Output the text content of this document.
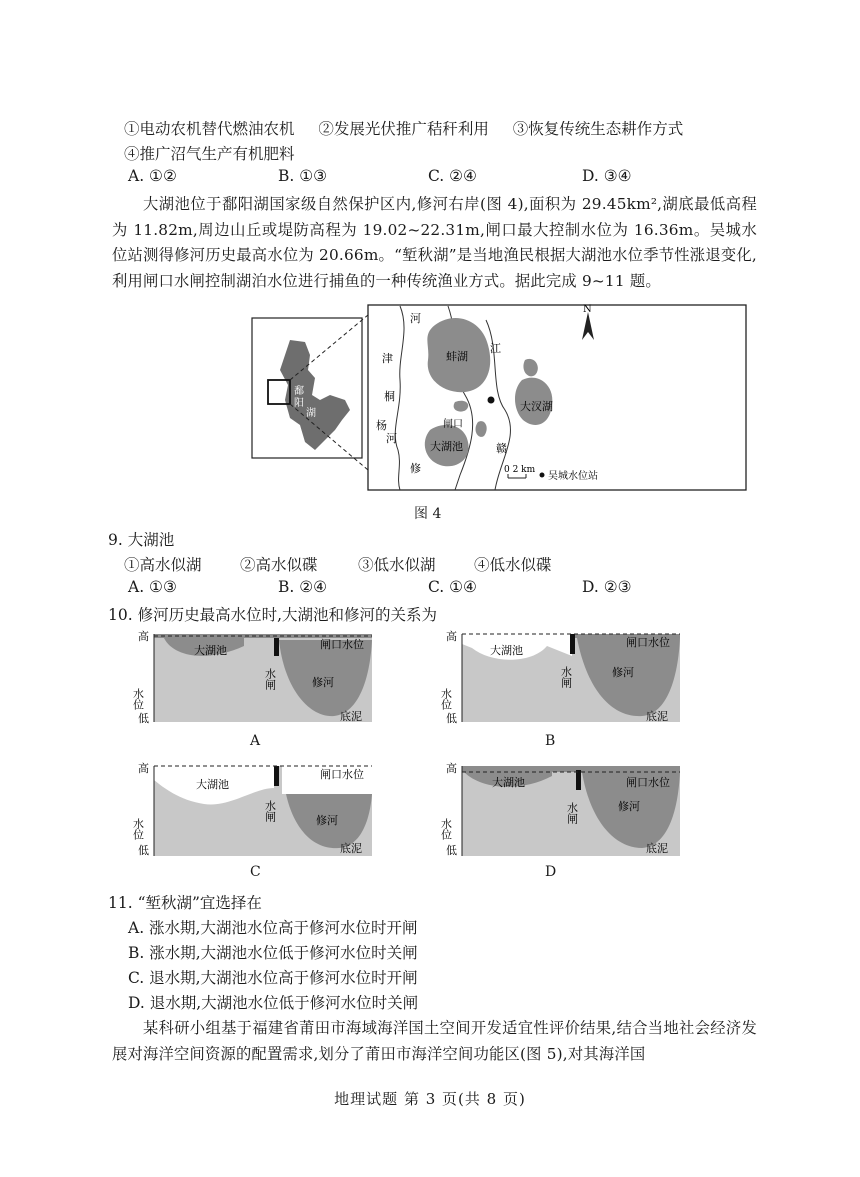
①电动农机替代燃油农机 ②发展光伏推广秸秆利用 ③恢复传统生态耕作方式
④推广沼气生产有机肥料
A. ①②	B. ①③	C. ②④	D. ③④
大湖池位于鄱阳湖国家级自然保护区内,修河右岸(图 4),面积为 29.45km²,湖底最低高程为 11.82m,周边山丘或堤防高程为 19.02~22.31m,闸口最大控制水位为 16.36m。吴城水位站测得修河历史最高水位为 20.66m。“堑秋湖”是当地渔民根据大湖池水位季节性涨退变化,利用闸口水闸控制湖泊水位进行捕鱼的一种传统渔业方式。据此完成 9~11 题。
鄱
阳
湖
N
河
津
桐
杨
河
修
江
赣
蚌湖
大汊湖
闸口
大湖池
0 2 km
吴城水位站
图 4
9. 大湖池
①高水似湖 ②高水似碟	③低水似湖 ④低水似碟
A. ①③	B. ②④	C. ①④	D. ②③
10. 修河历史最高水位时,大湖池和修河的关系为
高
水位
低
大湖池	闸口水位
水闸	修河
底泥
A
高
水位
低
大湖池
闸口水位
水闸	修河
底泥
B
高
水位
低
大湖池
闸口水位
水闸	修河
底泥
C
高
水位
低
大湖池	闸口水位
水闸	修河
底泥
D
11. “堑秋湖”宜选择在
A. 涨水期,大湖池水位高于修河水位时开闸
B. 涨水期,大湖池水位低于修河水位时关闸
C. 退水期,大湖池水位高于修河水位时开闸
D. 退水期,大湖池水位低于修河水位时关闸
某科研小组基于福建省莆田市海域海洋国土空间开发适宜性评价结果,结合当地社会经济发展对海洋空间资源的配置需求,划分了莆田市海洋空间功能区(图 5),对其海洋国
地理试题 第 3 页(共 8 页)
